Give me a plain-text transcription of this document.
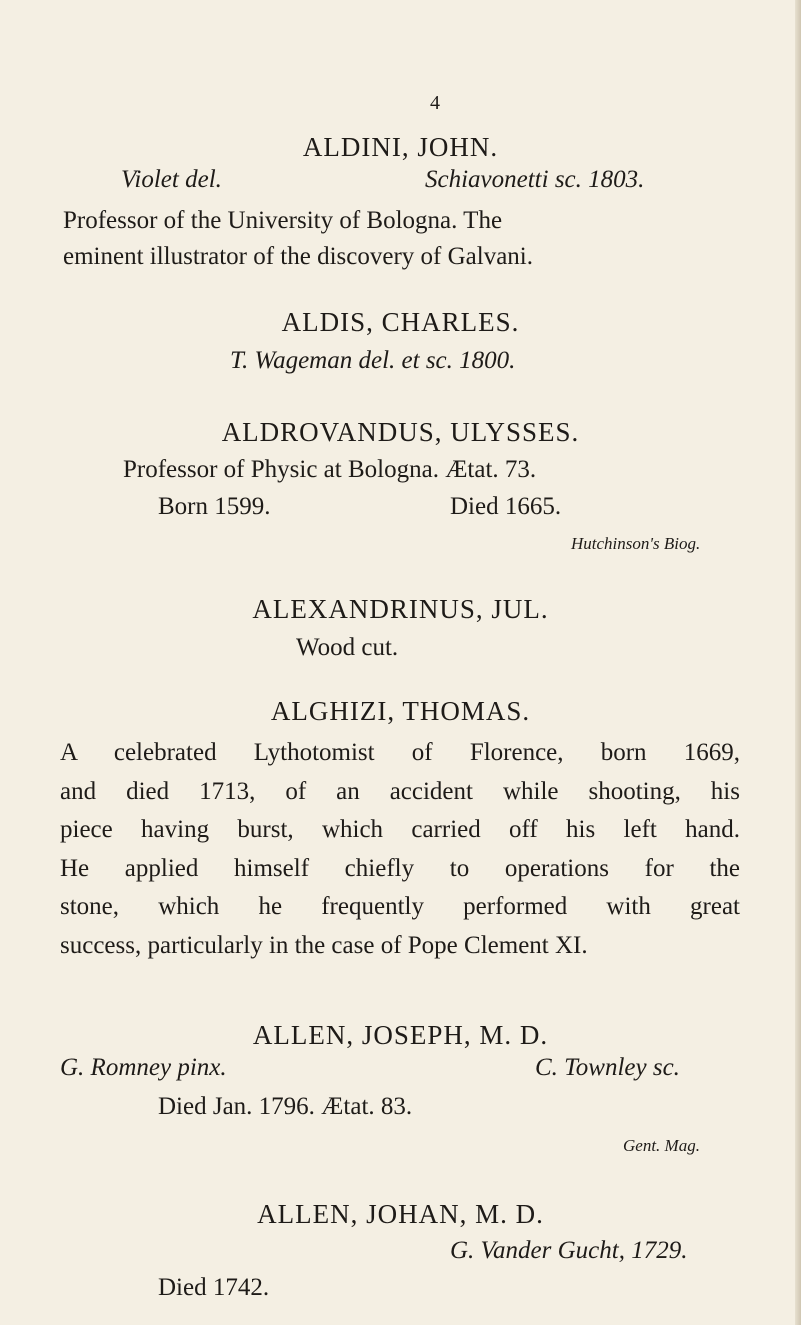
4
ALDINI, JOHN.
Violet del.	Schiavonetti sc. 1803.
Professor of the University of Bologna. The
eminent illustrator of the discovery of Galvani.
ALDIS, CHARLES.
T. Wageman del. et sc. 1800.
ALDROVANDUS, ULYSSES.
Professor of Physic at Bologna. Ætat. 73.
Born 1599.	Died 1665.
Hutchinson's Biog.
ALEXANDRINUS, JUL.
Wood cut.
ALGHIZI, THOMAS.
A celebrated Lythotomist of Florence, born 1669,
and died 1713, of an accident while shooting, his
piece having burst, which carried off his left hand.
He applied himself chiefly to operations for the
stone, which he frequently performed with great
success, particularly in the case of Pope Clement XI.
ALLEN, JOSEPH, M. D.
G. Romney pinx.	C. Townley sc.
Died Jan. 1796. Ætat. 83.
Gent. Mag.
ALLEN, JOHAN, M. D.
G. Vander Gucht, 1729.
Died 1742.
